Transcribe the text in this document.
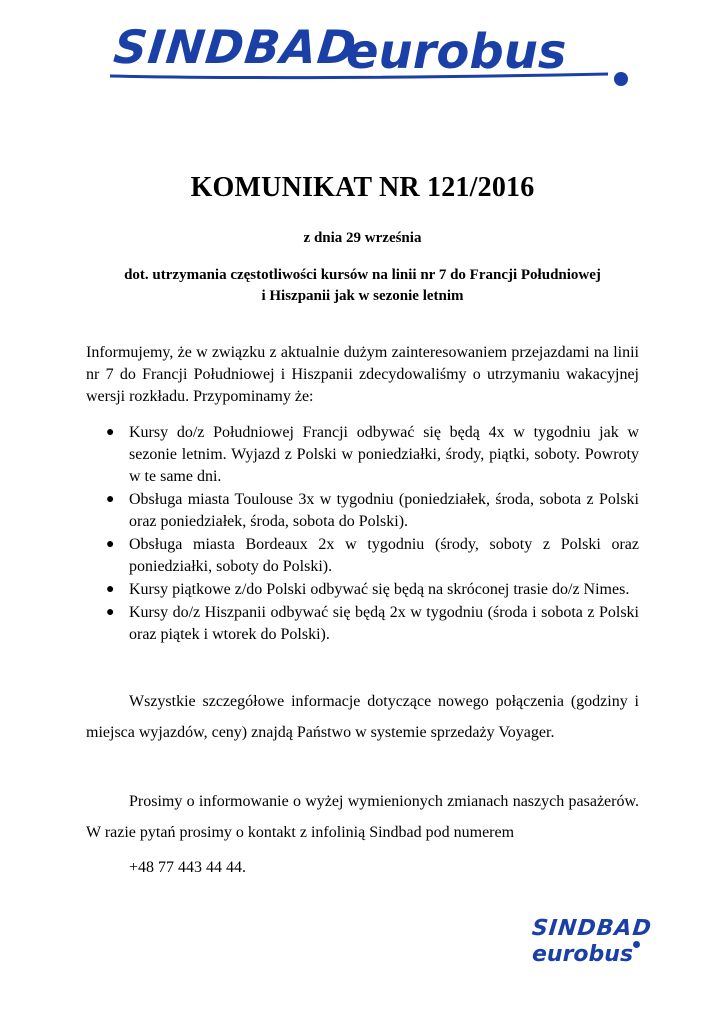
SINDBAD
eurobus
KOMUNIKAT NR 121/2016
z dnia 29 września
dot. utrzymania częstotliwości kursów na linii nr 7 do Francji Południowej
i Hiszpanii jak w sezonie letnim
Informujemy, że w związku z aktualnie dużym zainteresowaniem przejazdami na linii nr 7 do Francji Południowej i Hiszpanii zdecydowaliśmy o utrzymaniu wakacyjnej wersji rozkładu. Przypominamy że:
● Kursy do/z Południowej Francji odbywać się będą 4x w tygodniu jak w sezonie letnim. Wyjazd z Polski w poniedziałki, środy, piątki, soboty. Powroty w te same dni.
● Obsługa miasta Toulouse 3x w tygodniu (poniedziałek, środa, sobota z Polski oraz poniedziałek, środa, sobota do Polski).
● Obsługa miasta Bordeaux 2x w tygodniu (środy, soboty z Polski oraz poniedziałki, soboty do Polski).
● Kursy piątkowe z/do Polski odbywać się będą na skróconej trasie do/z Nimes.
● Kursy do/z Hiszpanii odbywać się będą 2x w tygodniu (środa i sobota z Polski oraz piątek i wtorek do Polski).
Wszystkie szczegółowe informacje dotyczące nowego połączenia (godziny i miejsca wyjazdów, ceny) znajdą Państwo w systemie sprzedaży Voyager.
Prosimy o informowanie o wyżej wymienionych zmianach naszych pasażerów. W razie pytań prosimy o kontakt z infolinią Sindbad pod numerem
+48 77 443 44 44.
SINDBAD
eurobus
